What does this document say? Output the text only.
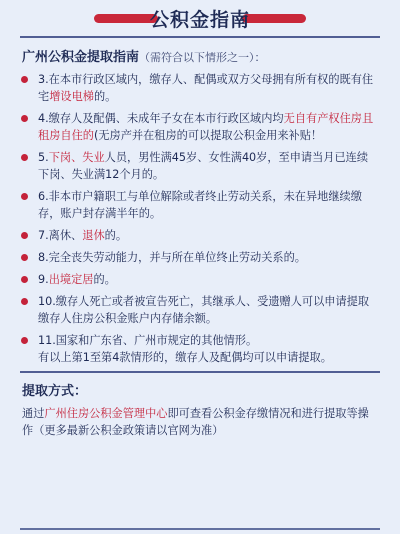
公积金指南
广州公积金提取指南（需符合以下情形之一）：
3.在本市行政区域内，缴存人、配偶或双方父母拥有所有权的既有住宅增设电梯的。
4.缴存人及配偶、未成年子女在本市行政区域内均无自有产权住房且租房自住的(无房产并在租房的可以提取公积金用来补贴！
5.下岗、失业人员，男性满45岁、女性满40岁，至申请当月已连续下岗、失业满12个月的。
6.非本市户籍职工与单位解除或者终止劳动关系，未在异地继续缴存，账户封存满半年的。
7.离休、退休的。
8.完全丧失劳动能力，并与所在单位终止劳动关系的。
9.出境定居的。
10.缴存人死亡或者被宣告死亡，其继承人、受遗赠人可以申请提取缴存人住房公积金账户内存储余额。
11.国家和广东省、广州市规定的其他情形。
有以上第1至第4款情形的，缴存人及配偶均可以申请提取。
提取方式：
通过广州住房公积金管理中心即可查看公积金存缴情况和进行提取等操作（更多最新公积金政策请以官网为准）
